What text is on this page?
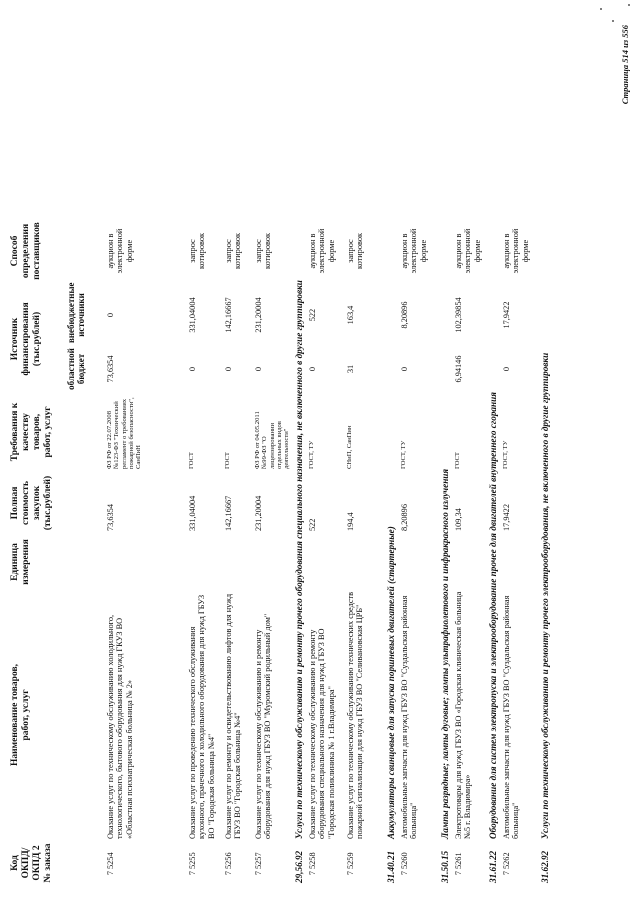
Код
ОКПД/
ОКПД 2
№ заказа
Наименование товаров,
работ, услуг
Единица
измерения
Полная
стоимость
закупок
(тыс.рублей)
Требования к
качеству товаров,
работ, услуг
Источник
финансирования
(тыс.рублей)
областной
бюджет
внебюджетные
источники
Способ
определения
поставщиков
7
5254
Оказание услуг по техническому обслуживанию холодильного, технологического, бытового оборудования для нужд ГКУЗ ВО «Областная психиатрическая больница № 2»
73,6354
ФЗ РФ от 22.07.2008 №123-ФЗ "Технический регламент о требованиях пожарной безопасности", СанПиН
73,6354
0
аукцион в электронной форме
7
5255
Оказание услуг по проведению технического обслуживания кухонного, прачечного и холодильного оборудования для нужд ГБУЗ ВО "Городская больница №4"
331,04004
ГОСТ
0
331,04004
запрос котировок
7
5256
Оказание услуг по ремонту и освидетельствованию лифтов для нужд ГБУЗ ВО "Городская больница №4"
142,16667
ГОСТ
0
142,16667
запрос котировок
7
5257
Оказание услуг по техническому обслуживанию и ремонту оборудования для нужд ГБУЗ ВО "Муромский родильный дом"
231,20004
ФЗ РФ от 04.05.2011 №99-ФЗ "О лицензировании отдельных видов деятельности"
0
231,20004
запрос котировок
29,56.92
Услуги по техническому обслуживанию и ремонту прочего оборудования специального назначения, не включенного в другие группировки
7
5258
Оказание услуг по техническому обслуживанию и ремонту оборудования специального назначения для нужд ГБУЗ ВО "Городская поликлиника № 1 г.Владимира"
522
ГОСТ, ТУ
0
522
аукцион в электронной форме
7
5259
Оказание услуг по техническому обслуживанию технических средств пожарной сигнализации для нужд ГБУЗ ВО "Селивановская ЦРБ"
194,4
СНиП, СанПин
31
163,4
запрос котировок
31.40.21
Аккумуляторы свинцовые для запуска поршневых двигателей (стартерные)
7
5260
Автомобильные запчасти для нужд ГБУЗ ВО "Суздальская районная больница"
8,20896
ГОСТ, ТУ
0
8,20896
аукцион в электронной форме
31.50.15
Лампы разрядные; лампы дуговые; лампы ультрафиолетового и инфракрасного излучения
7
5261
Электротовары для нужд ГБУЗ ВО «Городская клиническая больница №5 г. Владимира»
109,34
ГОСТ
6,94146
102,39854
аукцион в электронной форме
31.61.22
Оборудование для систем электропуска и электрооборудование прочее для двигателей внутреннего сгорания
7
5262
Автомобильные запчасти для нужд ГБУЗ ВО "Суздальская районная больница"
17,9422
ГОСТ, ТУ
0
17,9422
аукцион в электронной форме
31.62.92
Услуги по техническому обслуживанию и ремонту прочего электрооборудования, не включенного в другие группировки
Страница 514 из 556
